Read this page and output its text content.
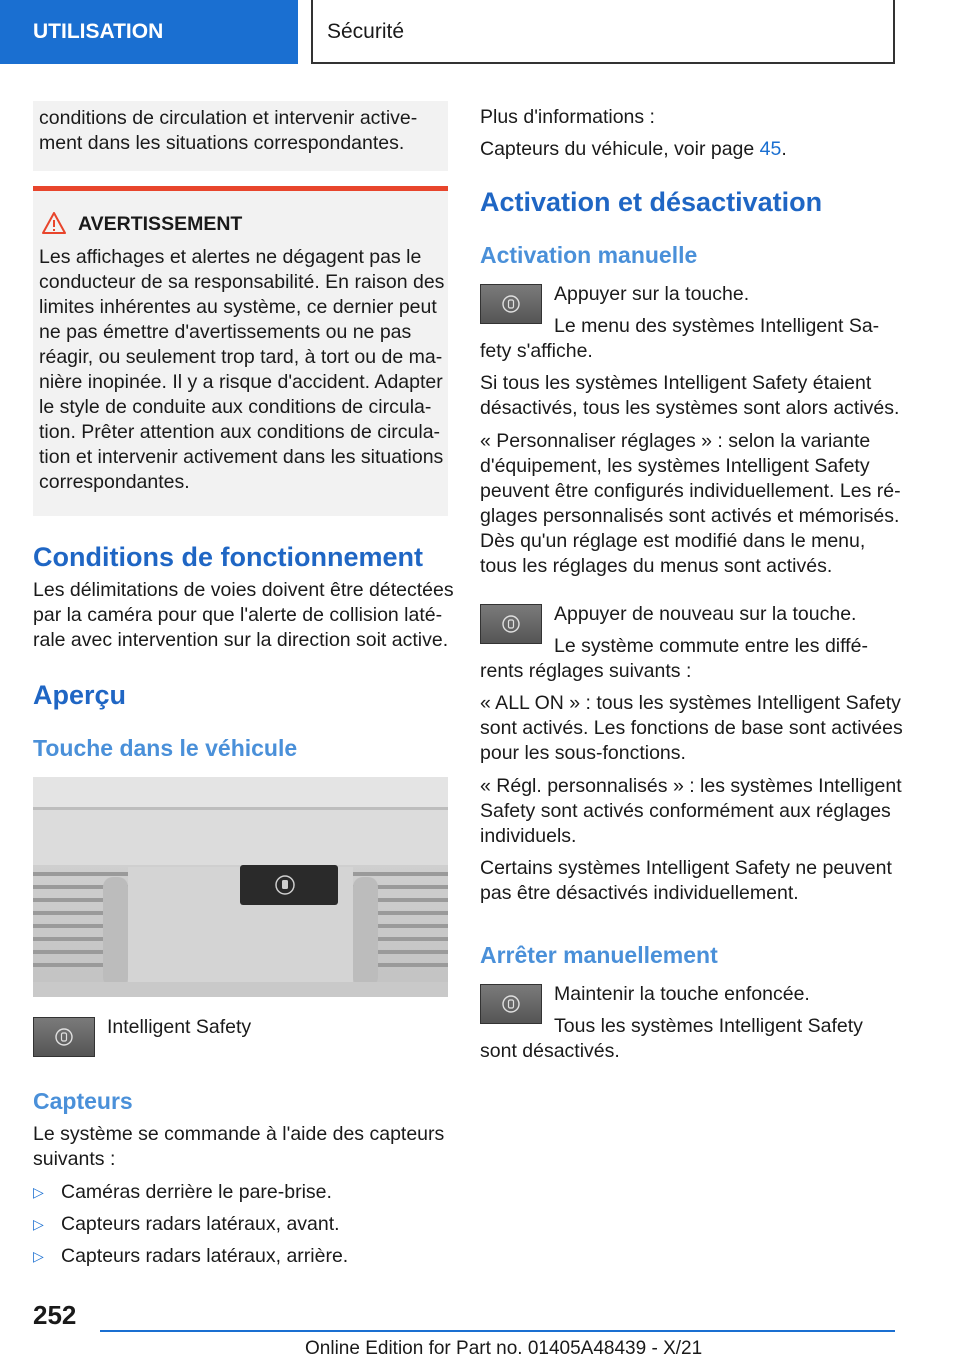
UTILISATION	Sécurité

conditions de circulation et intervenir active-

ment dans les situations correspondantes.

AVERTISSEMENT

Les affichages et alertes ne dégagent pas le

conducteur de sa responsabilité. En raison des

limites inhérentes au système, ce dernier peut

ne pas émettre d'avertissements ou ne pas

réagir, ou seulement trop tard, à tort ou de ma-

nière inopinée. Il y a risque d'accident. Adapter

le style de conduite aux conditions de circula-

tion. Prêter attention aux conditions de circula-

tion et intervenir activement dans les situations

correspondantes.

Conditions de fonctionnement

Les délimitations de voies doivent être détectées

par la caméra pour que l'alerte de collision laté-

rale avec intervention sur la direction soit active.

Aperçu
Touche dans le véhicule

Intelligent Safety

Capteurs

Le système se commande à l'aide des capteurs

suivants :

▷ Caméras derrière le pare-brise.
▷ Capteurs radars latéraux, avant.
▷ Capteurs radars latéraux, arrière.

Plus d'informations :

Capteurs du véhicule, voir page 45.

Activation et désactivation
Activation manuelle

Appuyer sur la touche.

Le menu des systèmes Intelligent Sa-

fety s'affiche.

Si tous les systèmes Intelligent Safety étaient

désactivés, tous les systèmes sont alors activés.

« Personnaliser réglages » : selon la variante

d'équipement, les systèmes Intelligent Safety

peuvent être configurés individuellement. Les ré-

glages personnalisés sont activés et mémorisés.

Dès qu'un réglage est modifié dans le menu,

tous les réglages du menus sont activés.

Appuyer de nouveau sur la touche.

Le système commute entre les diffé-

rents réglages suivants :

« ALL ON » : tous les systèmes Intelligent Safety

sont activés. Les fonctions de base sont activées

pour les sous-fonctions.

« Régl. personnalisés » : les systèmes Intelligent

Safety sont activés conformément aux réglages

individuels.

Certains systèmes Intelligent Safety ne peuvent

pas être désactivés individuellement.

Arrêter manuellement

Maintenir la touche enfoncée.

Tous les systèmes Intelligent Safety

sont désactivés.

252
Online Edition for Part no. 01405A48439 - X/21
